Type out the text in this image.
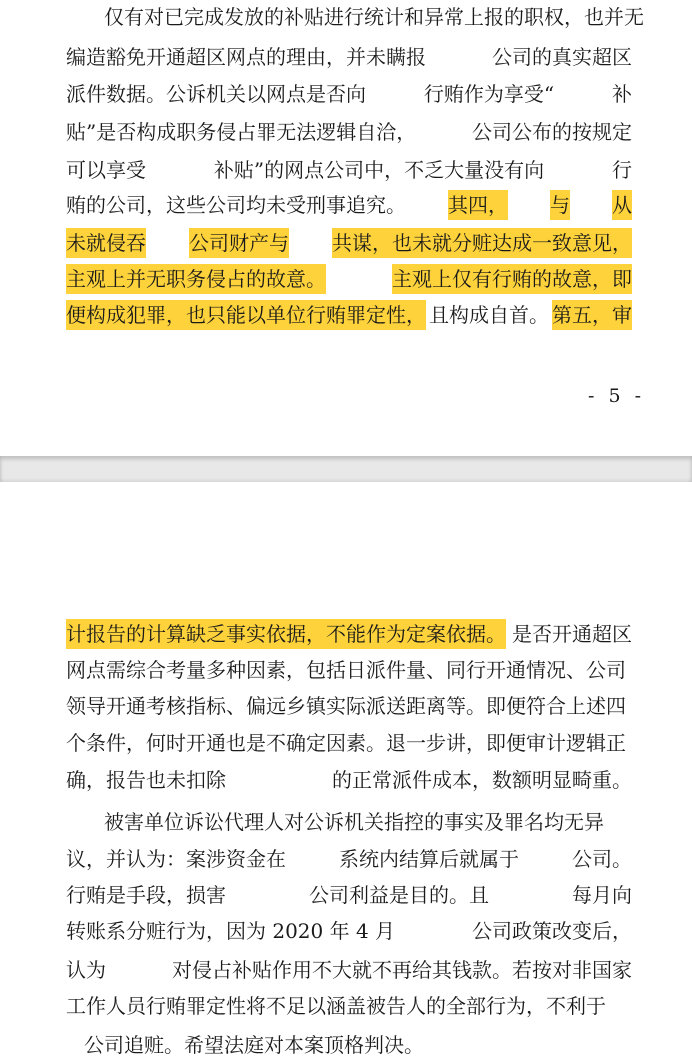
仅有对已完成发放的补贴进行统计和异常上报的职权，也并无
编造豁免开通超区网点的理由，并未瞒报	公司的真实超区
派件数据。公诉机关以网点是否向	行贿作为享受“	补
贴”是否构成职务侵占罪无法逻辑自洽，	公司公布的按规定
可以享受	补贴”的网点公司中，不乏大量没有向	行
贿的公司，这些公司均未受刑事追究。 其四， 与 从
未就侵吞 公司财产与 共谋，也未就分赃达成一致意见，
主观上并无职务侵占的故意。	主观上仅有行贿的故意，即
便构成犯罪，也只能以单位行贿罪定性， 且构成自首。 第五，审
- 5 -
计报告的计算缺乏事实依据，不能作为定案依据。 是否开通超区
网点需综合考量多种因素，包括日派件量、同行开通情况、公司
领导开通考核指标、偏远乡镇实际派送距离等。即便符合上述四
个条件，何时开通也是不确定因素。退一步讲，即便审计逻辑正
确，报告也未扣除	的正常派件成本，数额明显畸重。
被害单位诉讼代理人对公诉机关指控的事实及罪名均无异
议，并认为：案涉资金在	系统内结算后就属于	公司。
行贿是手段，损害	公司利益是目的。且	每月向
转账系分赃行为，因为 2020 年 4 月	公司政策改变后，
认为	对侵占补贴作用不大就不再给其钱款。若按对非国家
工作人员行贿罪定性将不足以涵盖被告人的全部行为，不利于
公司追赃。希望法庭对本案顶格判决。
